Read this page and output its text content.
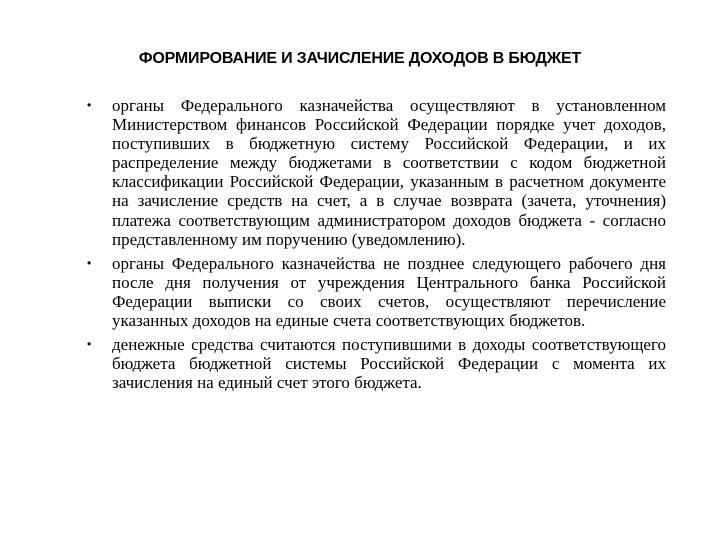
ФОРМИРОВАНИЕ И ЗАЧИСЛЕНИЕ ДОХОДОВ В БЮДЖЕТ
• органы Федерального казначейства осуществляют в установленном Министерством финансов Российской Федерации порядке учет доходов, поступивших в бюджетную систему Российской Федерации, и их распределение между бюджетами в соответствии с кодом бюджетной классификации Российской Федерации, указанным в расчетном документе на зачисление средств на счет, а в случае возврата (зачета, уточнения) платежа соответствующим администратором доходов бюджета - согласно представленному им поручению (уведомлению).
• органы Федерального казначейства не позднее следующего рабочего дня после дня получения от учреждения Центрального банка Российской Федерации выписки со своих счетов, осуществляют перечисление указанных доходов на единые счета соответствующих бюджетов.
• денежные средства считаются поступившими в доходы соответствующего бюджета бюджетной системы Российской Федерации с момента их зачисления на единый счет этого бюджета.
